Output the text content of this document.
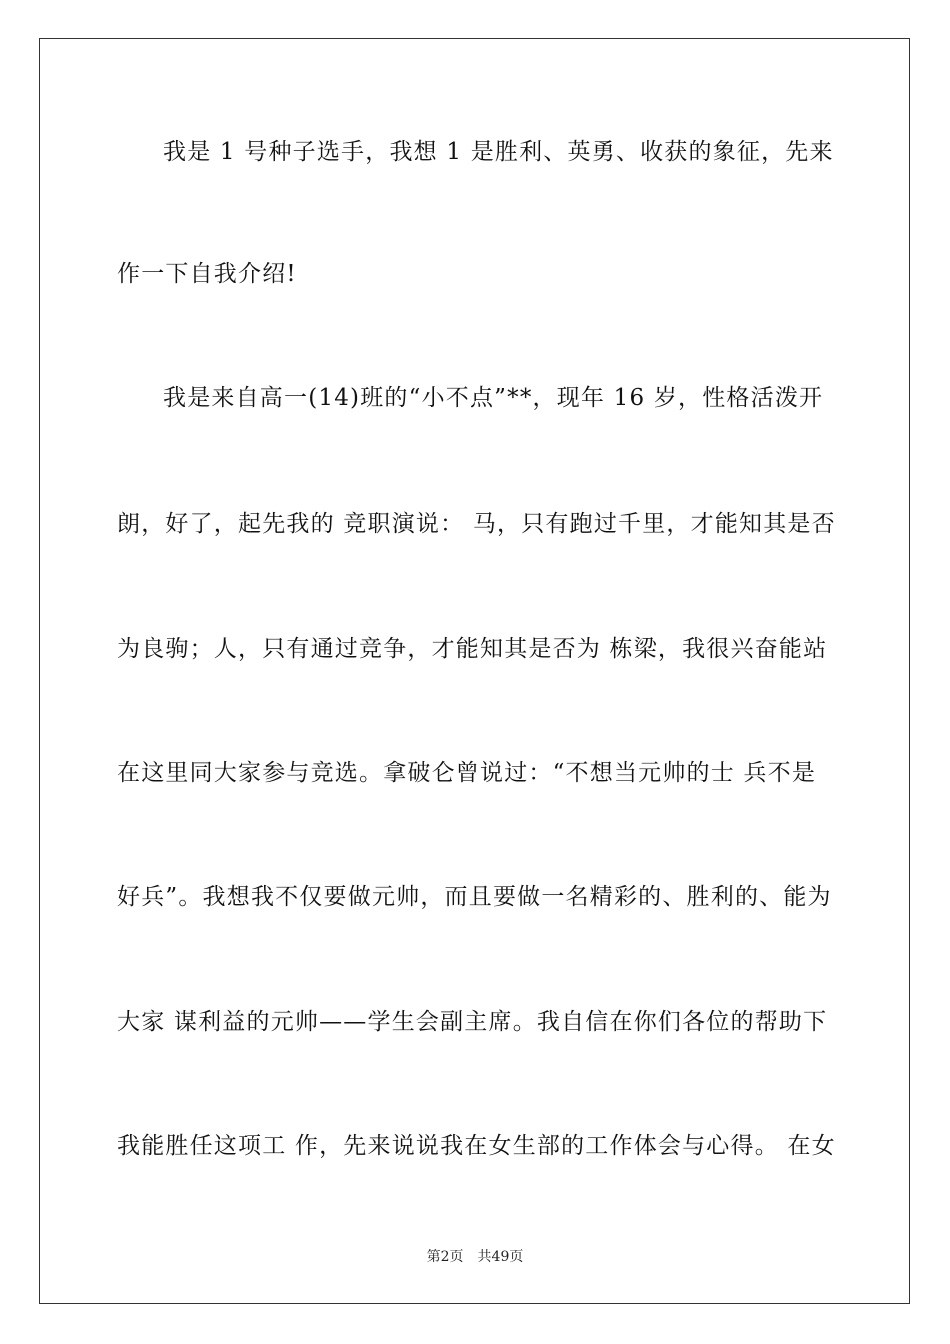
我是 1 号种子选手，我想 1 是胜利、英勇、收获的象征，先来
作一下自我介绍!
我是来自高一(14)班的“小不点”**，现年 16 岁，性格活泼开
朗，好了，起先我的 竞职演说： 马，只有跑过千里，才能知其是否
为良驹；人，只有通过竞争，才能知其是否为 栋梁，我很兴奋能站
在这里同大家参与竞选。拿破仑曾说过：“不想当元帅的士 兵不是
好兵”。我想我不仅要做元帅，而且要做一名精彩的、胜利的、能为
大家 谋利益的元帅——学生会副主席。我自信在你们各位的帮助下
我能胜任这项工 作，先来说说我在女生部的工作体会与心得。 在女
第2页 共49页
